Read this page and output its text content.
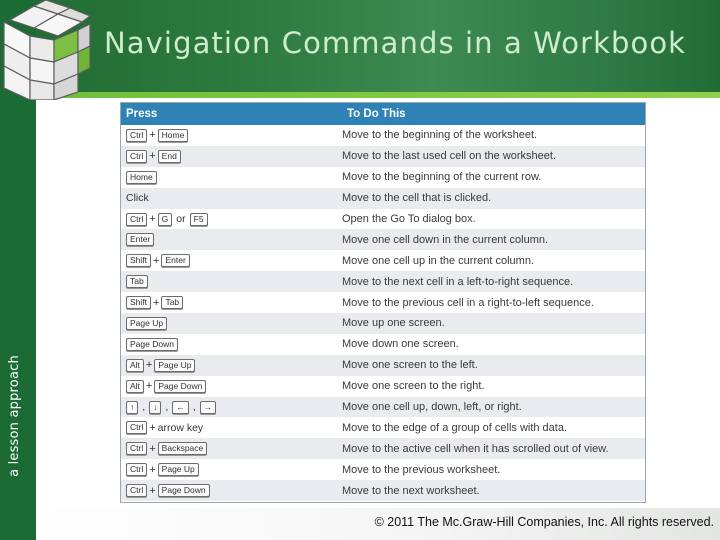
a lesson approach
Navigation Commands in a Workbook
Press	To Do This
Ctrl + Home	Move to the beginning of the worksheet.
Ctrl + End	Move to the last used cell on the worksheet.
Home	Move to the beginning of the current row.
Click	Move to the cell that is clicked.
Ctrl + G or F5	Open the Go To dialog box.
Enter	Move one cell down in the current column.
Shift + Enter	Move one cell up in the current column.
Tab	Move to the next cell in a left-to-right sequence.
Shift + Tab	Move to the previous cell in a right-to-left sequence.
Page Up	Move up one screen.
Page Down	Move down one screen.
Alt + Page Up	Move one screen to the left.
Alt + Page Down	Move one screen to the right.
↑ , ↓ , ← , →	Move one cell up, down, left, or right.
Ctrl + arrow key	Move to the edge of a group of cells with data.
Ctrl + Backspace	Move to the active cell when it has scrolled out of view.
Ctrl + Page Up	Move to the previous worksheet.
Ctrl + Page Down	Move to the next worksheet.
© 2011 The Mc.Graw-Hill Companies, Inc. All rights reserved.
